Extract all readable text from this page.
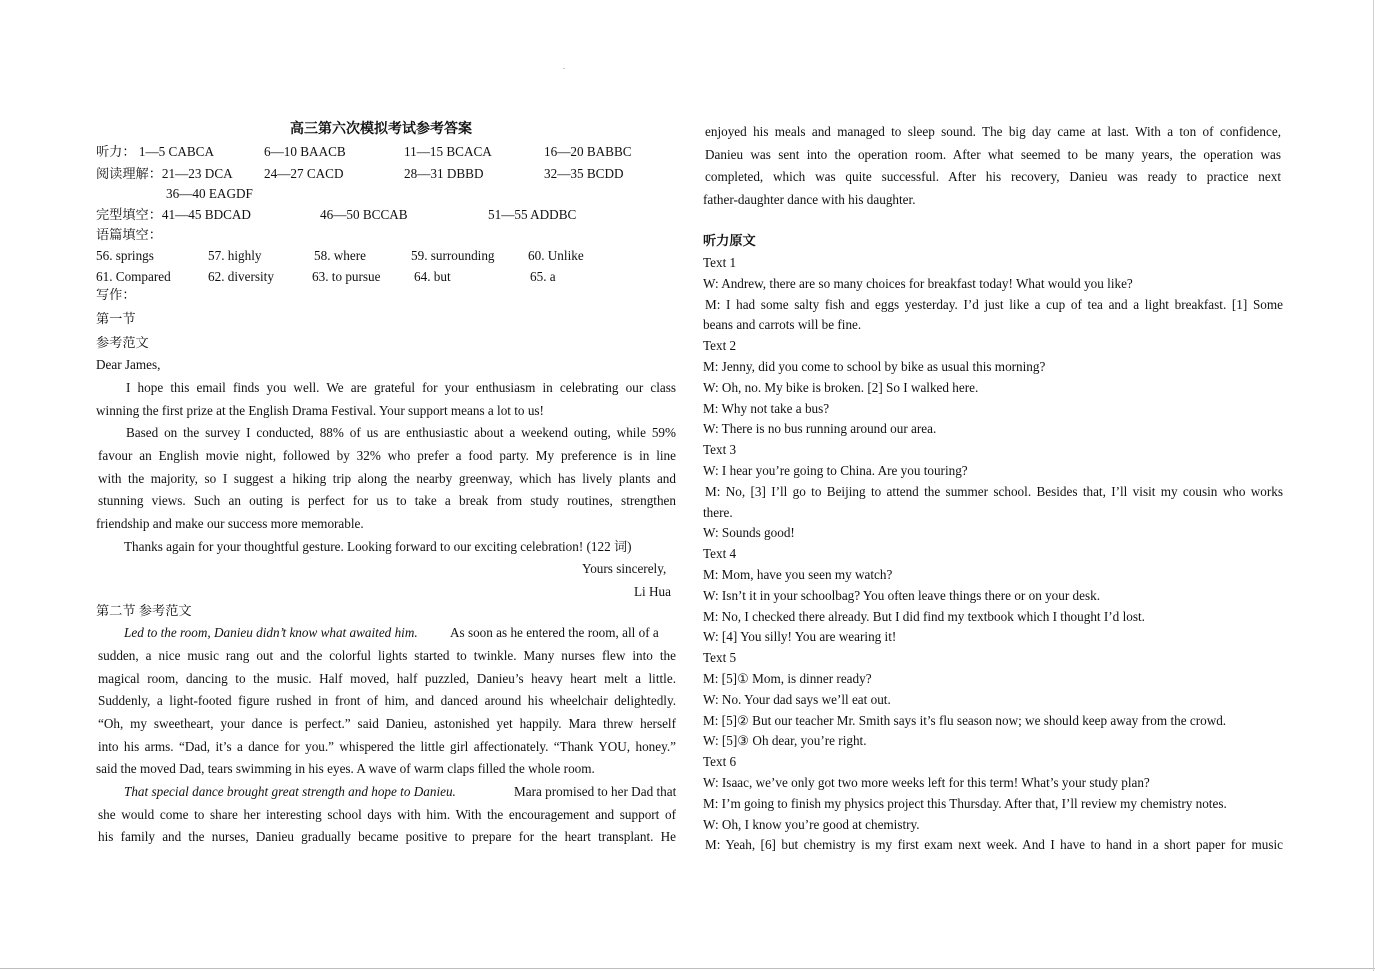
.
高三第六次模拟考试参考答案
听力： 1—5 CABCA	6—10 BAACB	11—15 BCACA	16—20 BABBC
阅读理解：21—23 DCA 24—27 CACD	28—31 DBBD	32—35 BCDD
36—40 EAGDF
完型填空：41—45 BDCAD	46—50 BCCAB	51—55 ADDBC
语篇填空：
56. springs	57. highly	58. where	59. surrounding	60. Unlike
61. Compared	62. diversity	63. to pursue	64. but	65. a
写作：
第一节
参考范文
Dear James,
I hope this email finds you well. We are grateful for your enthusiasm in celebrating our class
winning the first prize at the English Drama Festival. Your support means a lot to us!
Based on the survey I conducted, 88% of us are enthusiastic about a weekend outing, while 59%
favour an English movie night, followed by 32% who prefer a food party. My preference is in line
with the majority, so I suggest a hiking trip along the nearby greenway, which has lively plants and
stunning views. Such an outing is perfect for us to take a break from study routines, strengthen
friendship and make our success more memorable.
Thanks again for your thoughtful gesture. Looking forward to our exciting celebration! (122 词)
Yours sincerely,
Li Hua
第二节 参考范文
As soon as he entered the room, all of a
sudden, a nice music rang out and the colorful lights started to twinkle. Many nurses flew into the
magical room, dancing to the music. Half moved, half puzzled, Danieu’s heavy heart melt a little.
Suddenly, a light-footed figure rushed in front of him, and danced around his wheelchair delightedly.
“Oh, my sweetheart, your dance is perfect.” said Danieu, astonished yet happily. Mara threw herself
into his arms. “Dad, it’s a dance for you.” whispered the little girl affectionately. “Thank YOU, honey.”
said the moved Dad, tears swimming in his eyes. A wave of warm claps filled the whole room.
Mara promised to her Dad that
she would come to share her interesting school days with him. With the encouragement and support of
his family and the nurses, Danieu gradually became positive to prepare for the heart transplant. He
Led to the room, Danieu didn’t know what awaited him.
That special dance brought great strength and hope to Danieu.
enjoyed his meals and managed to sleep sound. The big day came at last. With a ton of confidence,
Danieu was sent into the operation room. After what seemed to be many years, the operation was
completed, which was quite successful. After his recovery, Danieu was ready to practice next
father-daughter dance with his daughter.
听力原文
Text 1
W: Andrew, there are so many choices for breakfast today! What would you like?
M: I had some salty fish and eggs yesterday. I’d just like a cup of tea and a light breakfast. [1] Some
beans and carrots will be fine.
Text 2
M: Jenny, did you come to school by bike as usual this morning?
W: Oh, no. My bike is broken. [2] So I walked here.
M: Why not take a bus?
W: There is no bus running around our area.
Text 3
W: I hear you’re going to China. Are you touring?
M: No, [3] I’ll go to Beijing to attend the summer school. Besides that, I’ll visit my cousin who works
there.
W: Sounds good!
Text 4
M: Mom, have you seen my watch?
W: Isn’t it in your schoolbag? You often leave things there or on your desk.
M: No, I checked there already. But I did find my textbook which I thought I’d lost.
W: [4] You silly! You are wearing it!
Text 5
M: [5]① Mom, is dinner ready?
W: No. Your dad says we’ll eat out.
M: [5]② But our teacher Mr. Smith says it’s flu season now; we should keep away from the crowd.
W: [5]③ Oh dear, you’re right.
Text 6
W: Isaac, we’ve only got two more weeks left for this term! What’s your study plan?
M: I’m going to finish my physics project this Thursday. After that, I’ll review my chemistry notes.
W: Oh, I know you’re good at chemistry.
M: Yeah, [6] but chemistry is my first exam next week. And I have to hand in a short paper for music
